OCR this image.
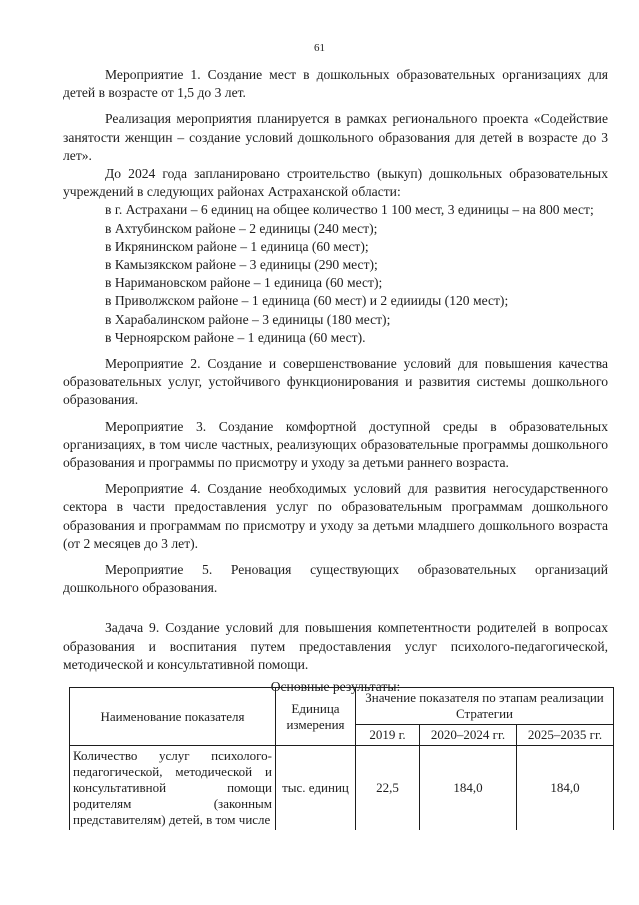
61

Мероприятие 1. Создание мест в дошкольных образовательных организациях для детей в возрасте от 1,5 до 3 лет.

Реализация мероприятия планируется в рамках регионального проекта «Содействие занятости женщин – создание условий дошкольного образования для детей в возрасте до 3 лет».

До 2024 года запланировано строительство (выкуп) дошкольных образовательных учреждений в следующих районах Астраханской области:

в г. Астрахани – 6 единиц на общее количество 1 100 мест, 3 единицы – на 800 мест;

в Ахтубинском районе – 2 единицы (240 мест);

в Икрянинском районе – 1 единица (60 мест);

в Камызякском районе – 3 единицы (290 мест);

в Наримановском районе – 1 единица (60 мест);

в Приволжском районе – 1 единица (60 мест) и 2 едиииды (120 мест);

в Харабалинском районе – 3 единицы (180 мест);

в Черноярском районе – 1 единица (60 мест).

Мероприятие 2. Создание и совершенствование условий для повышения качества образовательных услуг, устойчивого функционирования и развития системы дошкольного образования.

Мероприятие 3. Создание комфортной доступной среды в образовательных организациях, в том числе частных, реализующих образовательные программы дошкольного образования и программы по присмотру и уходу за детьми раннего возраста.

Мероприятие 4. Создание необходимых условий для развития негосударственного сектора в части предоставления услуг по образовательным программам дошкольного образования и программам по присмотру и уходу за детьми младшего дошкольного возраста (от 2 месяцев до 3 лет).

Мероприятие 5. Реновация существующих образовательных организаций дошкольного образования.

Задача 9. Создание условий для повышения компетентности родителей в вопросах образования и воспитания путем предоставления услуг психолого-педагогической, методической и консультативной помощи.

Основные результаты:

Наименование показателя	Единица измерения	Значение показателя по этапам реализации Стратегии		
		2019 г.	2020–2024 гг.	2025–2035 гг.
Количество услуг психолого-педагогической, методической и консультативной помощи родителям (законным представителям) детей, в том числе	тыс. единиц	22,5	184,0	184,0
